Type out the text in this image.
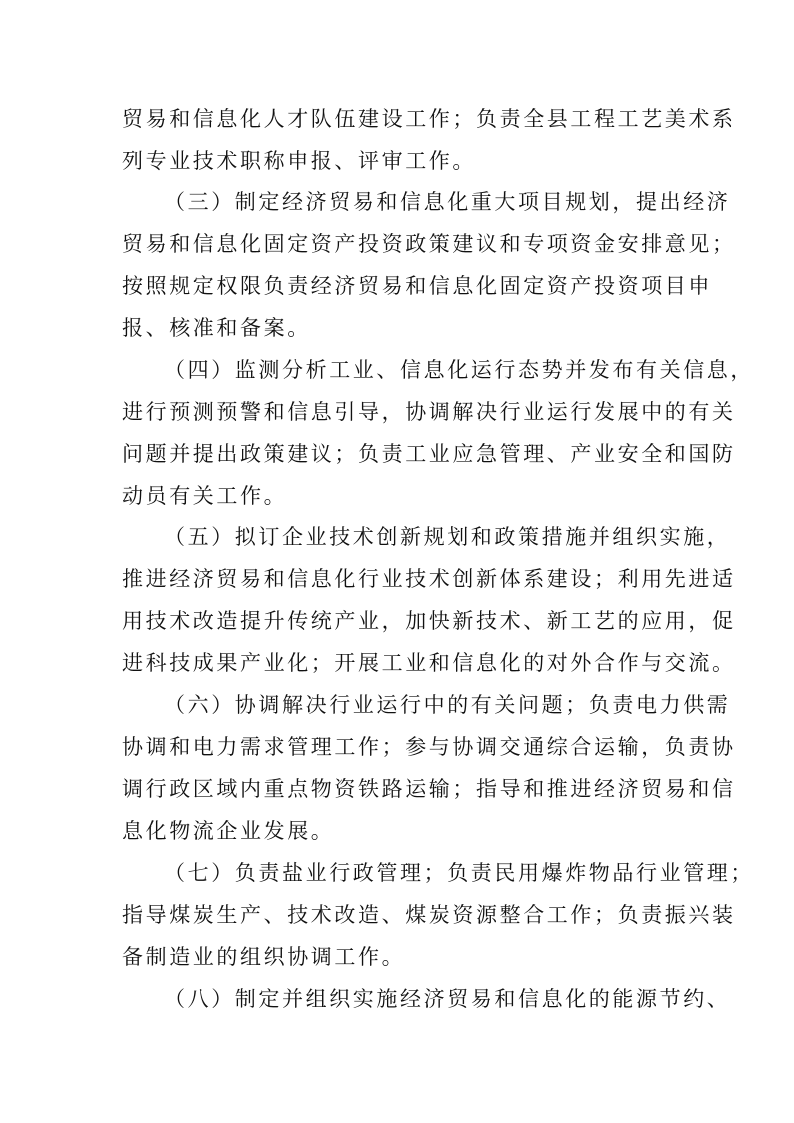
贸易和信息化人才队伍建设工作；负责全县工程工艺美术系
列专业技术职称申报、评审工作。
（三）制定经济贸易和信息化重大项目规划，提出经济
贸易和信息化固定资产投资政策建议和专项资金安排意见；
按照规定权限负责经济贸易和信息化固定资产投资项目申
报、核准和备案。
（四）监测分析工业、信息化运行态势并发布有关信息，
进行预测预警和信息引导，协调解决行业运行发展中的有关
问题并提出政策建议；负责工业应急管理、产业安全和国防
动员有关工作。
（五）拟订企业技术创新规划和政策措施并组织实施，
推进经济贸易和信息化行业技术创新体系建设；利用先进适
用技术改造提升传统产业，加快新技术、新工艺的应用，促
进科技成果产业化；开展工业和信息化的对外合作与交流。
（六）协调解决行业运行中的有关问题；负责电力供需
协调和电力需求管理工作；参与协调交通综合运输，负责协
调行政区域内重点物资铁路运输；指导和推进经济贸易和信
息化物流企业发展。
（七）负责盐业行政管理；负责民用爆炸物品行业管理；
指导煤炭生产、技术改造、煤炭资源整合工作；负责振兴装
备制造业的组织协调工作。
（八）制定并组织实施经济贸易和信息化的能源节约、
